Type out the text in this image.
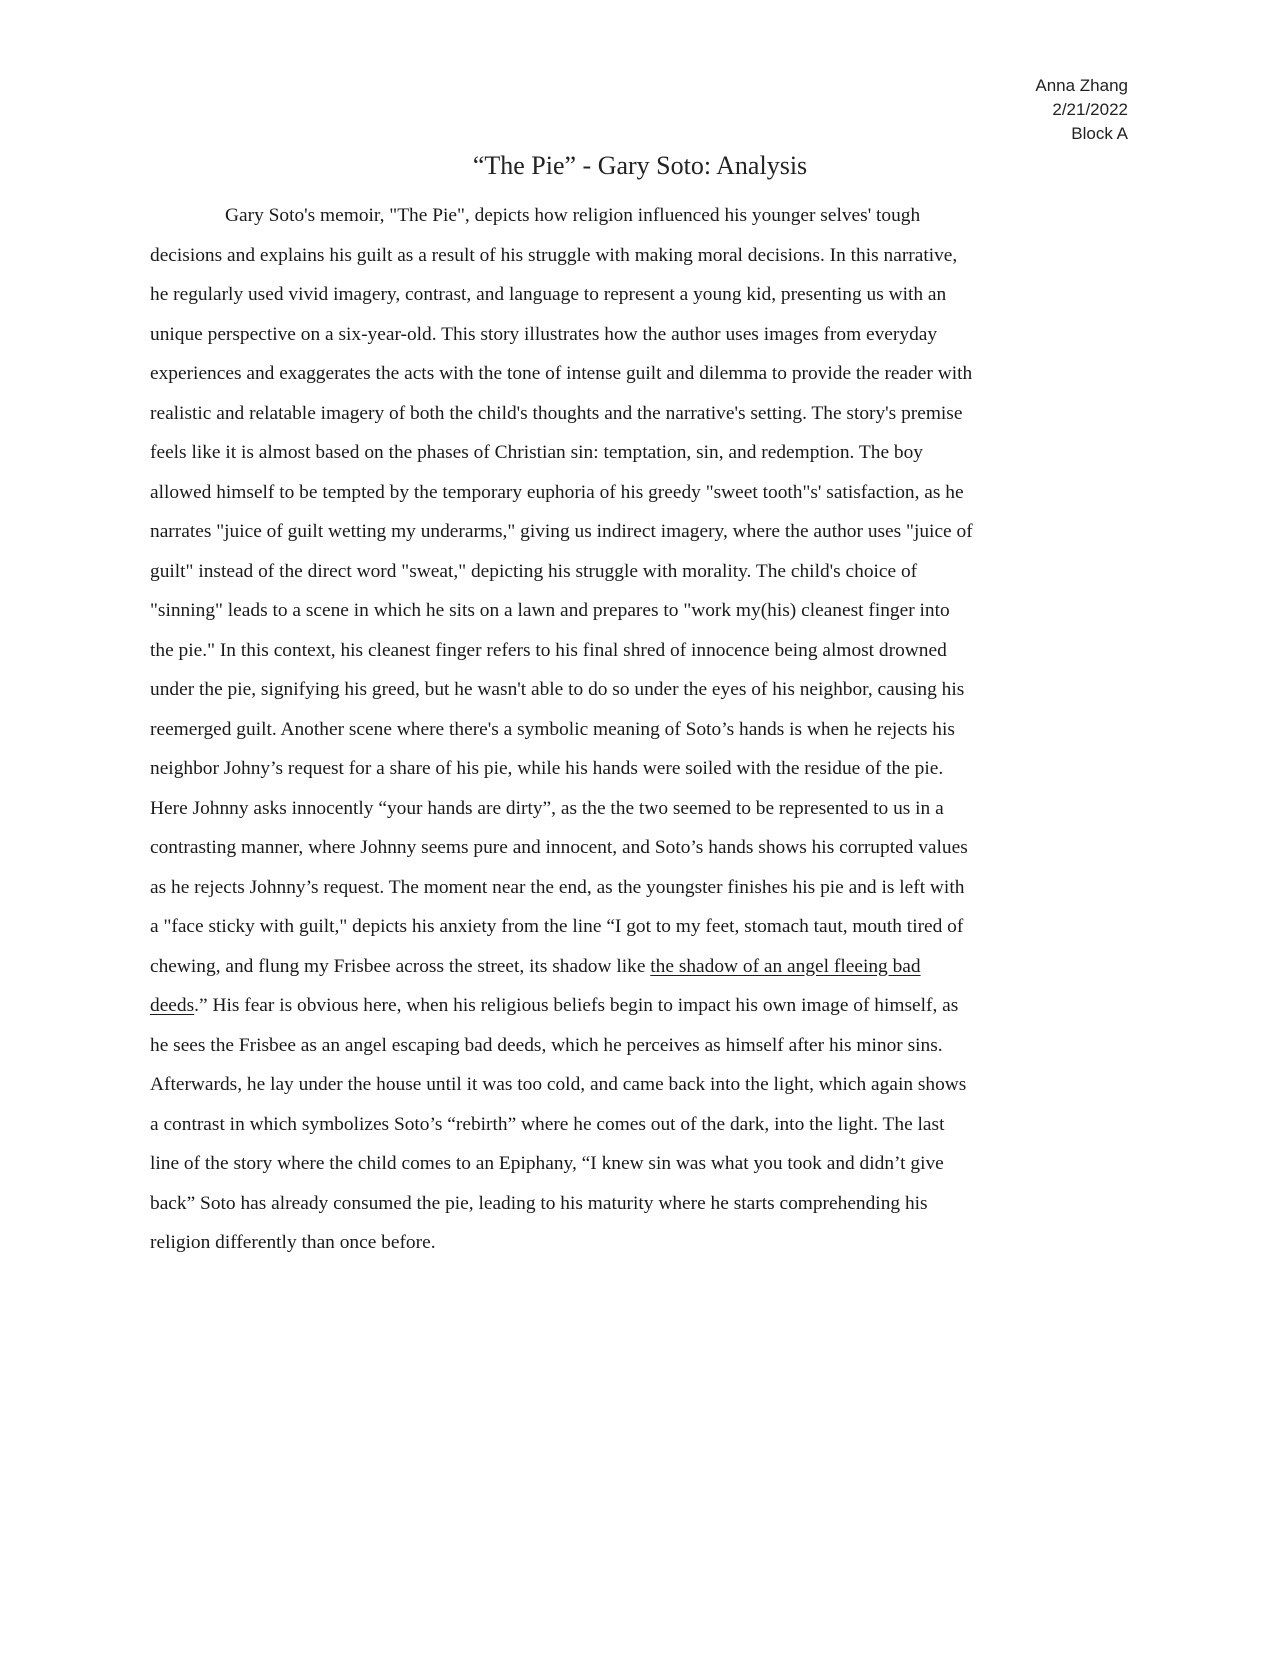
Anna Zhang
2/21/2022
Block A
“The Pie” - Gary Soto: Analysis
Gary Soto's memoir, "The Pie", depicts how religion influenced his younger selves' tough
decisions and explains his guilt as a result of his struggle with making moral decisions. In this narrative,
he regularly used vivid imagery, contrast, and language to represent a young kid, presenting us with an
unique perspective on a six-year-old. This story illustrates how the author uses images from everyday
experiences and exaggerates the acts with the tone of intense guilt and dilemma to provide the reader with
realistic and relatable imagery of both the child's thoughts and the narrative's setting. The story's premise
feels like it is almost based on the phases of Christian sin: temptation, sin, and redemption. The boy
allowed himself to be tempted by the temporary euphoria of his greedy "sweet tooth"s' satisfaction, as he
narrates "juice of guilt wetting my underarms," giving us indirect imagery, where the author uses "juice of
guilt" instead of the direct word "sweat," depicting his struggle with morality. The child's choice of
"sinning" leads to a scene in which he sits on a lawn and prepares to "work my(his) cleanest finger into
the pie." In this context, his cleanest finger refers to his final shred of innocence being almost drowned
under the pie, signifying his greed, but he wasn't able to do so under the eyes of his neighbor, causing his
reemerged guilt. Another scene where there's a symbolic meaning of Soto’s hands is when he rejects his
neighbor Johny’s request for a share of his pie, while his hands were soiled with the residue of the pie.
Here Johnny asks innocently “your hands are dirty”, as the the two seemed to be represented to us in a
contrasting manner, where Johnny seems pure and innocent, and Soto’s hands shows his corrupted values
as he rejects Johnny’s request. The moment near the end, as the youngster finishes his pie and is left with
a "face sticky with guilt," depicts his anxiety from the line “I got to my feet, stomach taut, mouth tired of
chewing, and flung my Frisbee across the street, its shadow like the shadow of an angel fleeing bad
deeds.” His fear is obvious here, when his religious beliefs begin to impact his own image of himself, as
he sees the Frisbee as an angel escaping bad deeds, which he perceives as himself after his minor sins.
Afterwards, he lay under the house until it was too cold, and came back into the light, which again shows
a contrast in which symbolizes Soto’s “rebirth” where he comes out of the dark, into the light. The last
line of the story where the child comes to an Epiphany, “I knew sin was what you took and didn’t give
back” Soto has already consumed the pie, leading to his maturity where he starts comprehending his
religion differently than once before.
